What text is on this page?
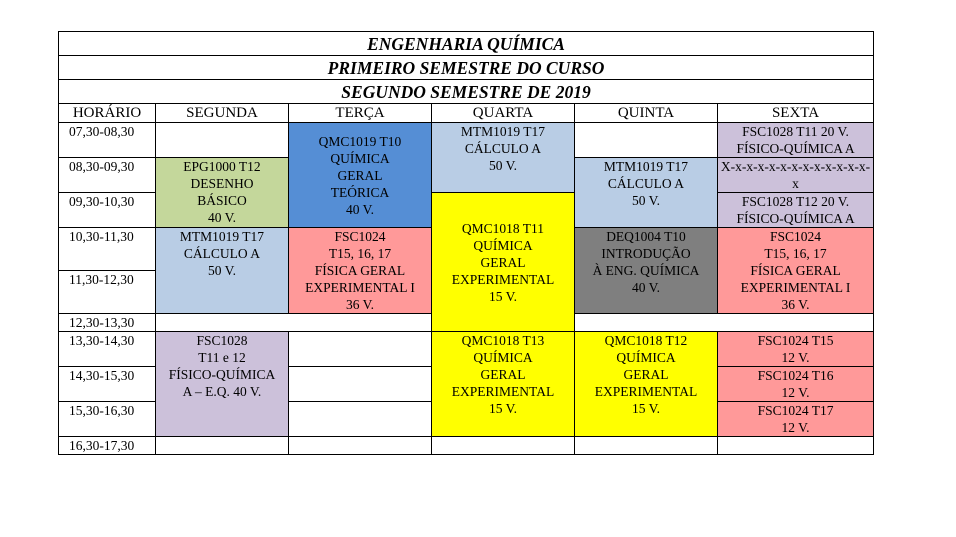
ENGENHARIA QUÍMICA					
PRIMEIRO SEMESTRE DO CURSO					
SEGUNDO SEMESTRE DE 2019					
HORÁRIO	SEGUNDA	TERÇA	QUARTA	QUINTA	SEXTA
07,30-08,30		QMC1019 T10
QUÍMICA
GERAL
TEÓRICA
40 V.	MTM1019 T17
CÁLCULO A
50 V.		FSC1028 T11 20 V.
FÍSICO-QUÍMICA A

08,30-09,30	EPG1000 T12
DESENHO
BÁSICO
40 V.			MTM1019 T17
CÁLCULO A
50 V.	X-x-x-x-x-x-x-x-x-x-x-x-x-x
09,30-10,30			QMC1018 T11
QUÍMICA
GERAL
EXPERIMENTAL
15 V.		FSC1028 T12 20 V.
FÍSICO-QUÍMICA A

10,30-11,30	MTM1019 T17
CÁLCULO A
50 V.	FSC1024
T15, 16, 17
FÍSICA GERAL
EXPERIMENTAL I
36 V.		DEQ1004 T10
INTRODUÇÃO
À ENG. QUÍMICA
40 V.	FSC1024
T15, 16, 17
FÍSICA GERAL
EXPERIMENTAL I
36 V.

11,30-12,30					
12,30-13,30					
13,30-14,30	FSC1028
T11 e 12
FÍSICO-QUÍMICA
A – E.Q. 40 V.		QMC1018 T13
QUÍMICA
GERAL
EXPERIMENTAL
15 V.	QMC1018 T12
QUÍMICA
GERAL
EXPERIMENTAL
15 V.	FSC1024 T15
12 V.

14,30-15,30					FSC1024 T16
12 V.

15,30-16,30					FSC1024 T17
12 V.

16,30-17,30					
